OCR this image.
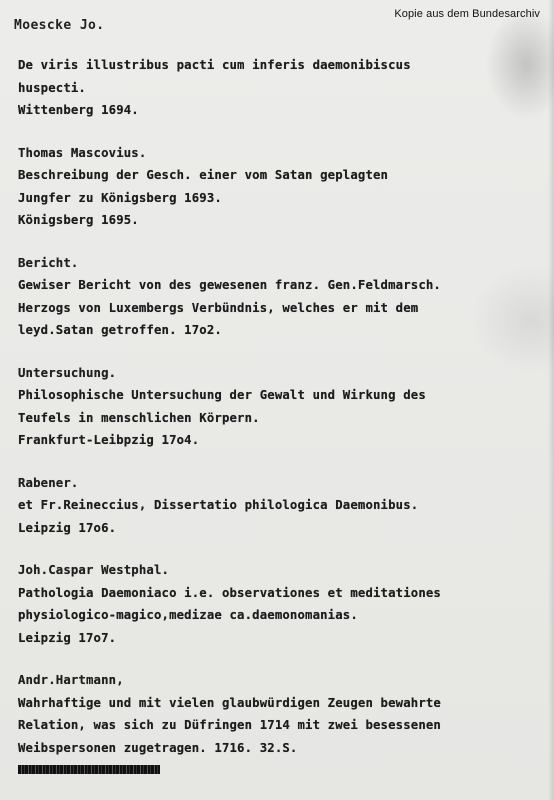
Kopie aus dem Bundesarchiv
Moescke Jo.
De viris illustribus pacti cum inferis daemonibiscus
huspecti.
Wittenberg 1694.
Thomas Mascovius.
Beschreibung der Gesch. einer vom Satan geplagten
Jungfer zu Königsberg 1693.
Königsberg 1695.
Bericht.
Gewiser Bericht von des gewesenen franz. Gen.Feldmarsch.
Herzogs von Luxembergs Verbündnis, welches er mit dem
leyd.Satan getroffen. 17o2.
Untersuchung.
Philosophische Untersuchung der Gewalt und Wirkung des
Teufels in menschlichen Körpern.
Frankfurt-Leibpzig 17o4.
Rabener.
et Fr.Reineccius, Dissertatio philologica Daemonibus.
Leipzig 17o6.
Joh.Caspar Westphal.
Pathologia Daemoniaco i.e. observationes et meditationes
physiologico-magico,medizae ca.daemonomanias.
Leipzig 17o7.
Andr.Hartmann,
Wahrhaftige und mit vielen glaubwürdigen Zeugen bewahrte
Relation, was sich zu Düfringen 1714 mit zwei besessenen
Weibspersonen zugetragen. 1716. 32.S.
